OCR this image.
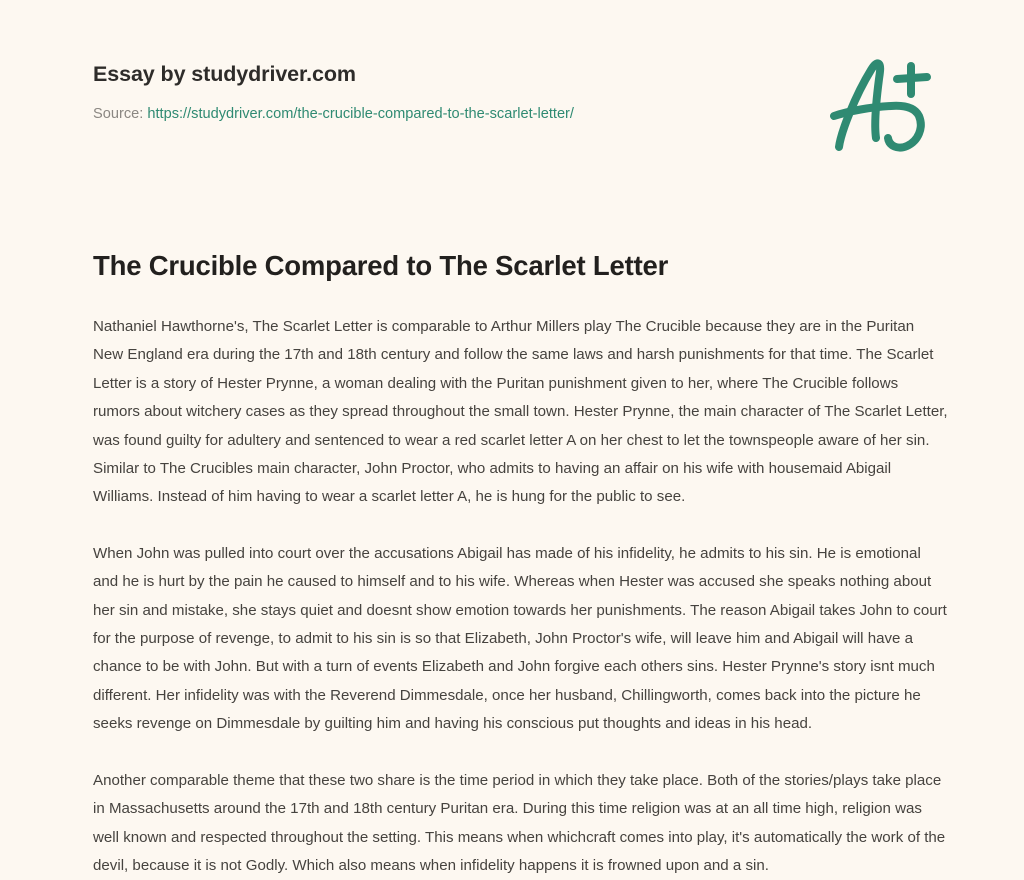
Essay by studydriver.com
Source: https://studydriver.com/the-crucible-compared-to-the-scarlet-letter/
The Crucible Compared to The Scarlet Letter

Nathaniel Hawthorne's, The Scarlet Letter is comparable to Arthur Millers play The Crucible because they are in the Puritan New England era during the 17th and 18th century and follow the same laws and harsh punishments for that time. The Scarlet Letter is a story of Hester Prynne, a woman dealing with the Puritan punishment given to her, where The Crucible follows rumors about witchery cases as they spread throughout the small town. Hester Prynne, the main character of The Scarlet Letter, was found guilty for adultery and sentenced to wear a red scarlet letter A on her chest to let the townspeople aware of her sin. Similar to The Crucibles main character, John Proctor, who admits to having an affair on his wife with housemaid Abigail Williams. Instead of him having to wear a scarlet letter A, he is hung for the public to see.

When John was pulled into court over the accusations Abigail has made of his infidelity, he admits to his sin. He is emotional and he is hurt by the pain he caused to himself and to his wife. Whereas when Hester was accused she speaks nothing about her sin and mistake, she stays quiet and doesnt show emotion towards her punishments. The reason Abigail takes John to court for the purpose of revenge, to admit to his sin is so that Elizabeth, John Proctor's wife, will leave him and Abigail will have a chance to be with John. But with a turn of events Elizabeth and John forgive each others sins. Hester Prynne's story isnt much different. Her infidelity was with the Reverend Dimmesdale, once her husband, Chillingworth, comes back into the picture he seeks revenge on Dimmesdale by guilting him and having his conscious put thoughts and ideas in his head.

Another comparable theme that these two share is the time period in which they take place. Both of the stories/plays take place in Massachusetts around the 17th and 18th century Puritan era. During this time religion was at an all time high, religion was well known and respected throughout the setting. This means when whichcraft comes into play, it's automatically the work of the devil, because it is not Godly. Which also means when infidelity happens it is frowned upon and a sin.
